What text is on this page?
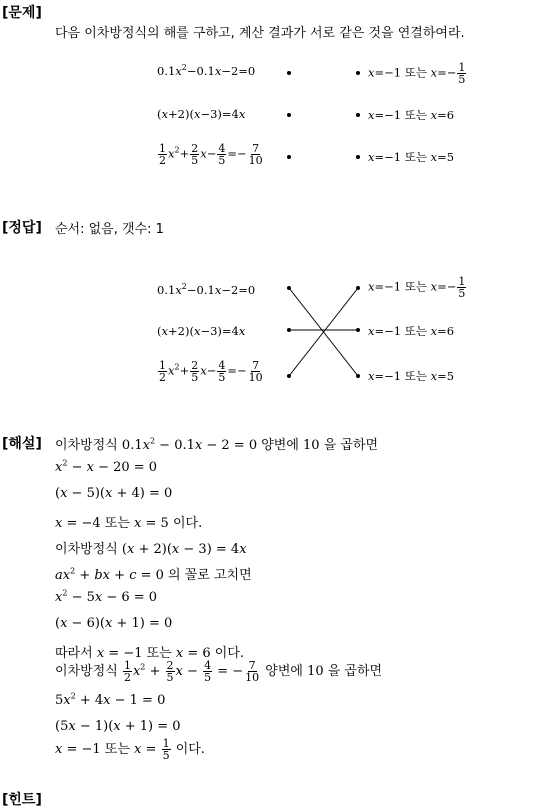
[문제]
다음 이차방정식의 해를 구하고, 계산 결과가 서로 같은 것을 연결하여라.
$0.1x^2-0.1x-2=0$
(x+2)(x−3)=4x
$\frac{1}{2} x^2+ \frac{2}{5} x- \frac{4}{5} =- \frac{7}{10}$
x=−1 또는 $x=- \frac{1}{5}$
x=−1 또는 x=6
x=−1 또는 x=5
[정답] 순서: 없음, 갯수: 1
$0.1x^2-0.1x-2=0$
(x+2)(x−3)=4x
$\frac{1}{2} x^2+ \frac{2}{5} x- \frac{4}{5} =- \frac{7}{10}$
x=−1 또는 $x=- \frac{1}{5}$
x=−1 또는 x=6
x=−1 또는 x=5
[해설] 이차방정식 $0.1x^2 - 0.1x - 2 = 0$ 양변에 10 을 곱하면
$x^2 - x - 20 = 0$
(x − 5)(x + 4) = 0
x = −4 또는 x = 5 이다.
이차방정식 (x + 2)(x − 3) = 4x
$ax^2$ + bx + c = 0 의 꼴로 고치면
$x^2 - 5x - 6 = 0$
(x − 6)(x + 1) = 0
따라서 x = −1 또는 x = 6 이다.
이차방정식 $\frac{1}{2} x^2 + \frac{2}{5}$ $x - \frac{4}{5}$ = − $\frac{7}{10}$ 양변에 10 을 곱하면
$5x^2 + 4x - 1 = 0$
(5x − 1)(x + 1) = 0
x = −1 또는 $x = \frac{1}{5}$ 이다.
[힌트]
